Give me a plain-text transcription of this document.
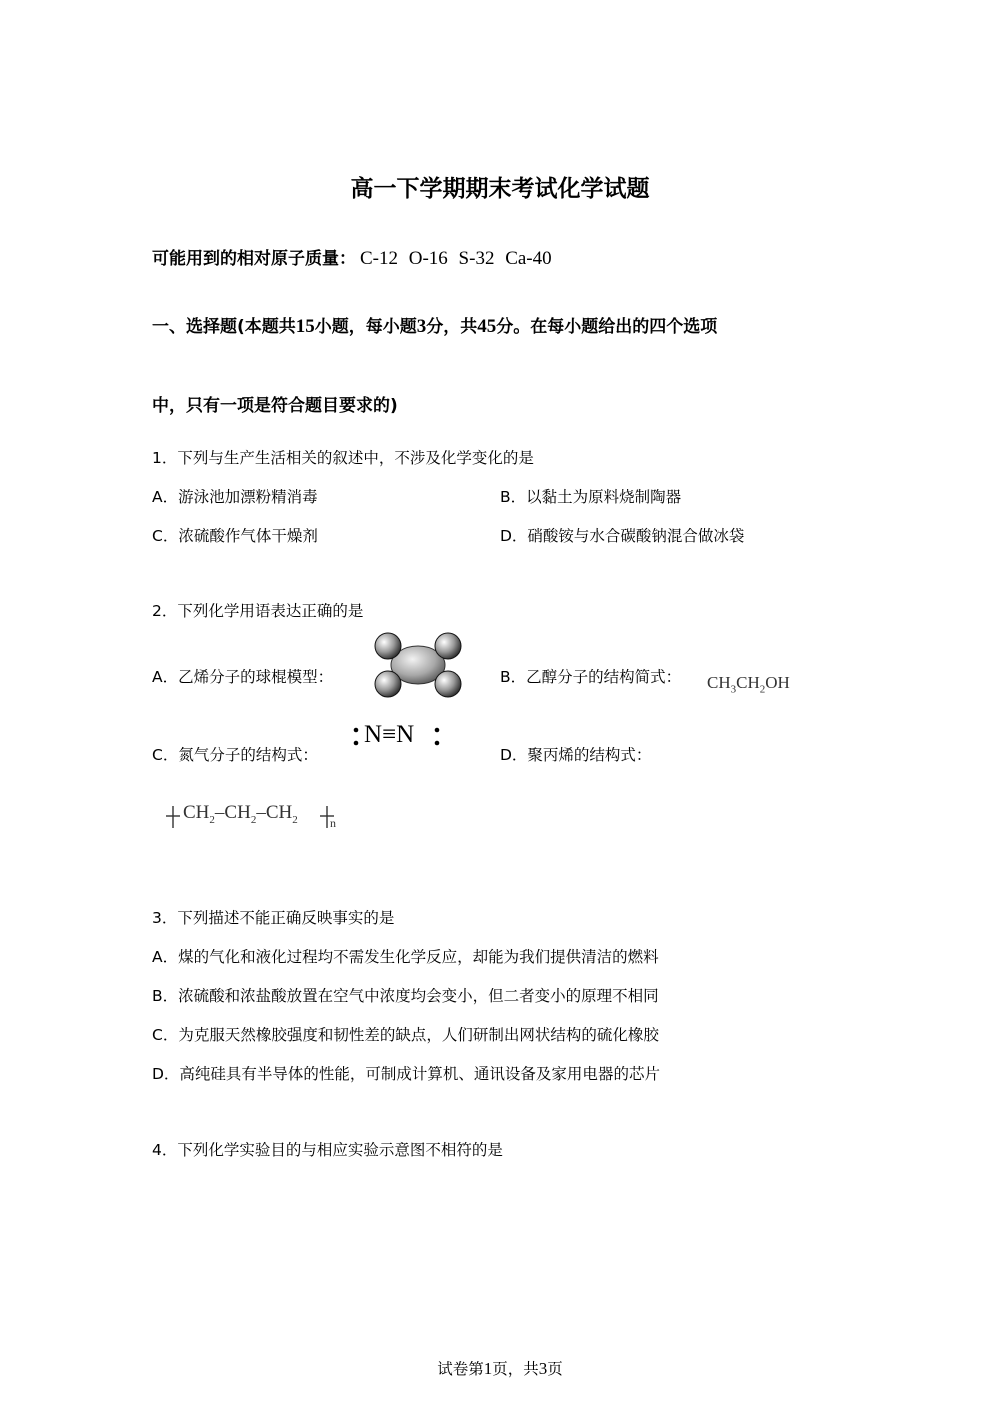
高一下学期期末考试化学试题
可能用到的相对原子质量： C-12 O-16 S-32 Ca-40
一、选择题(本题共15小题，每小题3分，共45分。在每小题给出的四个选项
中，只有一项是符合题目要求的)
1．下列与生产生活相关的叙述中，不涉及化学变化的是
A．游泳池加漂粉精消毒	B．以黏土为原料烧制陶器
C．浓硫酸作气体干燥剂	D．硝酸铵与水合碳酸钠混合做冰袋
2．下列化学用语表达正确的是
A．乙烯分子的球棍模型：	B．乙醇分子的结构简式： $CH_3CH_2OH$
C．氮气分子的结构式：
N≡N
D．聚丙烯的结构式：
$CH_2-CH_2-CH_2$	n
3．下列描述不能正确反映事实的是
A．煤的气化和液化过程均不需发生化学反应，却能为我们提供清洁的燃料
B．浓硫酸和浓盐酸放置在空气中浓度均会变小，但二者变小的原理不相同
C．为克服天然橡胶强度和韧性差的缺点，人们研制出网状结构的硫化橡胶
D．高纯硅具有半导体的性能，可制成计算机、通讯设备及家用电器的芯片
4．下列化学实验目的与相应实验示意图不相符的是
试卷第1页，共3页
